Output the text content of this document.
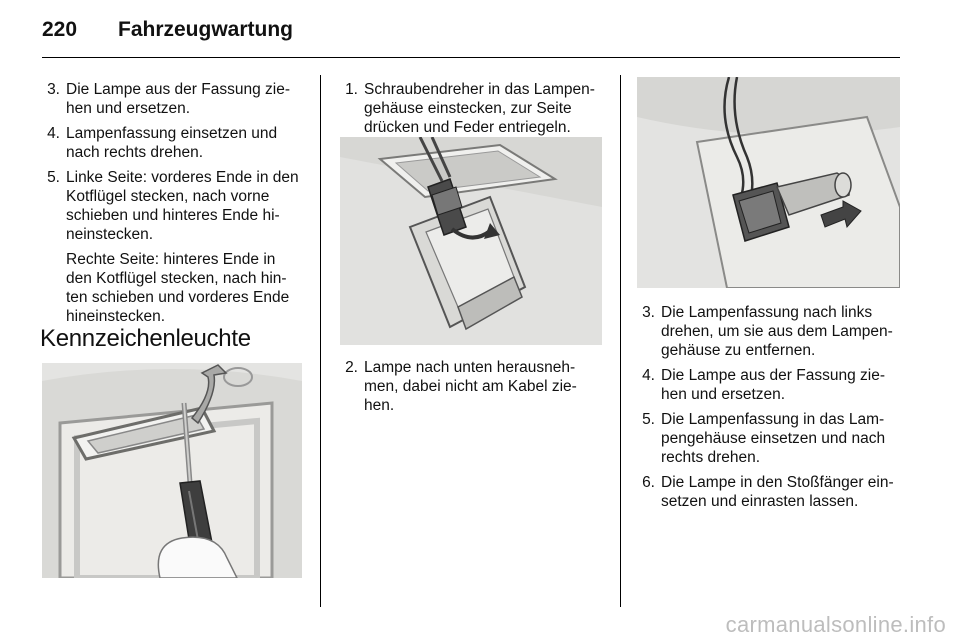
220	Fahrzeugwartung
3. Die Lampe aus der Fassung zie-
hen und ersetzen.
4. Lampenfassung einsetzen und
nach rechts drehen.
5. Linke Seite: vorderes Ende in den
Kotflügel stecken, nach vorne
schieben und hinteres Ende hi-
neinstecken.
Rechte Seite: hinteres Ende in
den Kotflügel stecken, nach hin-
ten schieben und vorderes Ende
hineinstecken.
Kennzeichenleuchte
1. Schraubendreher in das Lampen-
gehäuse einstecken, zur Seite
drücken und Feder entriegeln.
2. Lampe nach unten herausneh-
men, dabei nicht am Kabel zie-
hen.
3. Die Lampenfassung nach links
drehen, um sie aus dem Lampen-
gehäuse zu entfernen.
4. Die Lampe aus der Fassung zie-
hen und ersetzen.
5. Die Lampenfassung in das Lam-
pengehäuse einsetzen und nach
rechts drehen.
6. Die Lampe in den Stoßfänger ein-
setzen und einrasten lassen.
carmanualsonline.info
